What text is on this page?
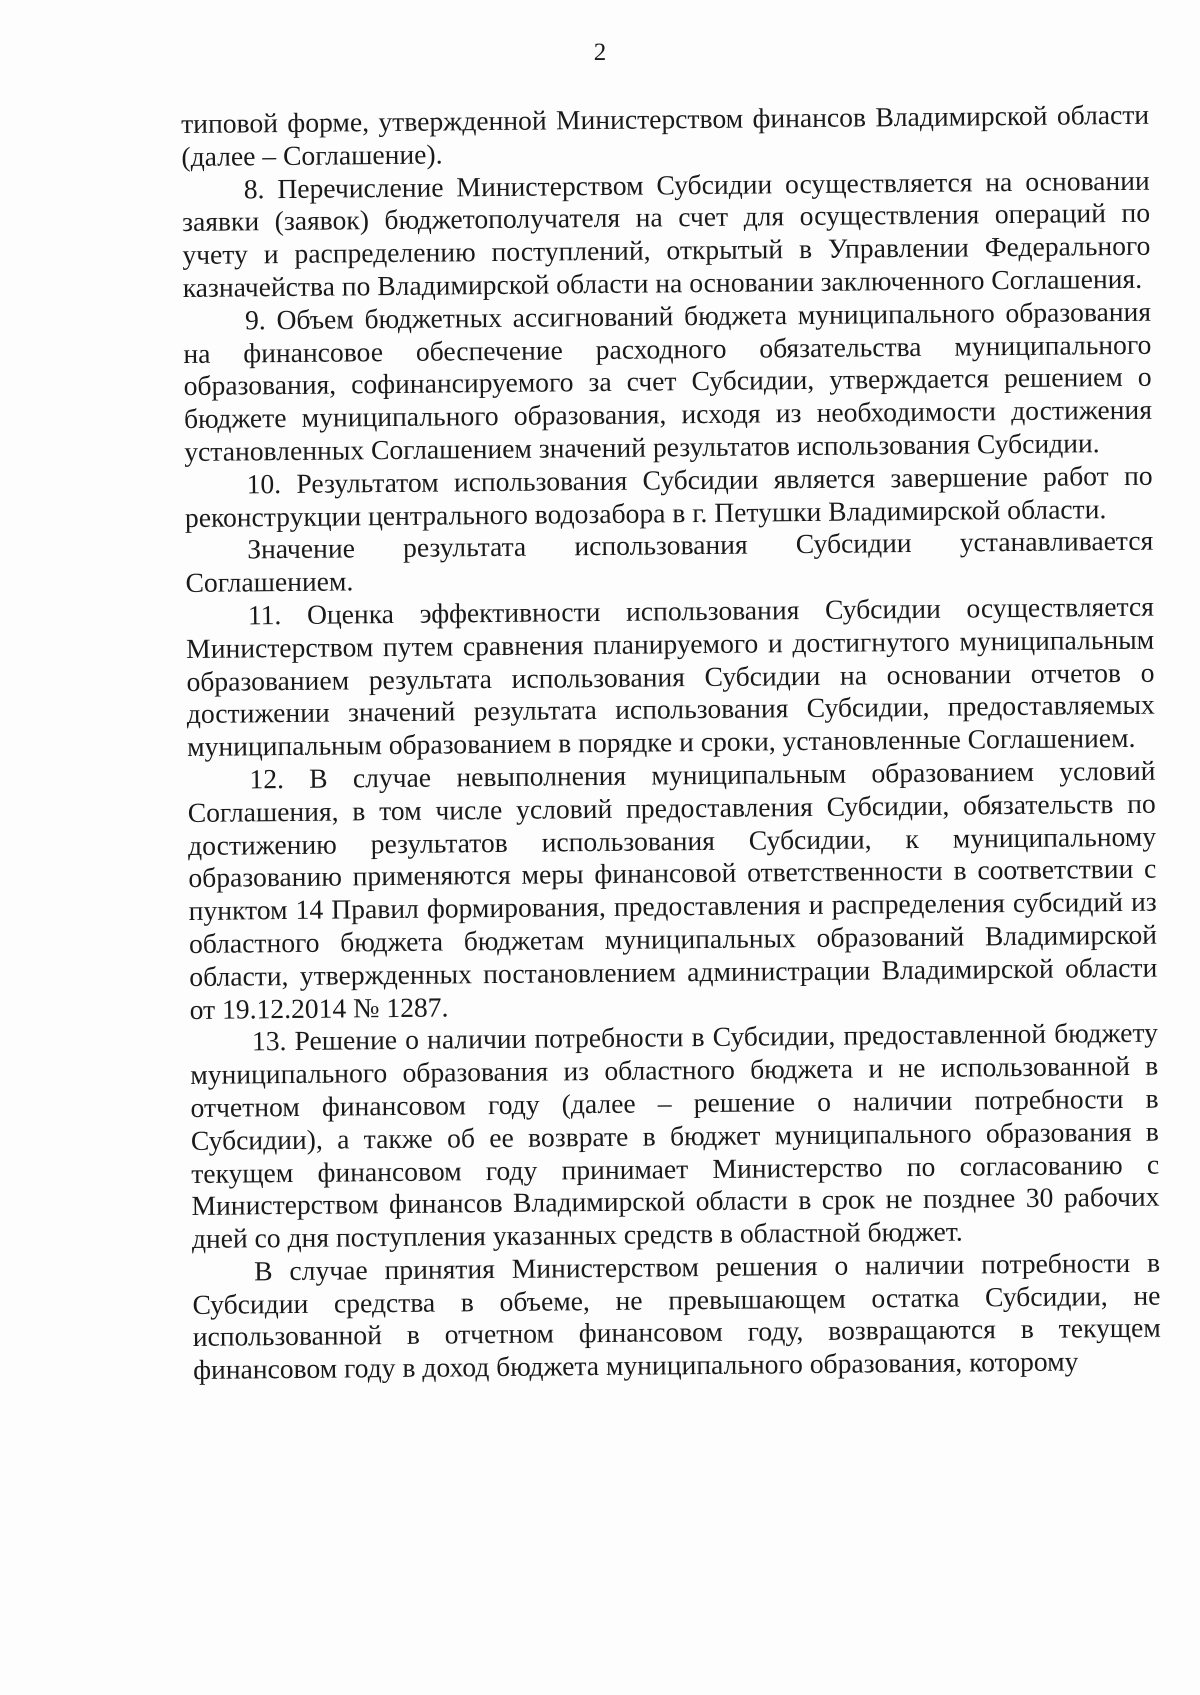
2

типовой форме, утвержденной Министерством финансов Владимирской области (далее – Соглашение).

8. Перечисление Министерством Субсидии осуществляется на основании заявки (заявок) бюджетополучателя на счет для осуществления операций по учету и распределению поступлений, открытый в Управлении Федерального казначейства по Владимирской области на основании заключенного Соглашения.

9. Объем бюджетных ассигнований бюджета муниципального образования на финансовое обеспечение расходного обязательства муниципального образования, софинансируемого за счет Субсидии, утверждается решением о бюджете муниципального образования, исходя из необходимости достижения установленных Соглашением значений результатов использования Субсидии.

10. Результатом использования Субсидии является завершение работ по реконструкции центрального водозабора в г. Петушки Владимирской области.

Значение результата использования Субсидии устанавливается Соглашением.

11. Оценка эффективности использования Субсидии осуществляется Министерством путем сравнения планируемого и достигнутого муниципальным образованием результата использования Субсидии на основании отчетов о достижении значений результата использования Субсидии, предоставляемых муниципальным образованием в порядке и сроки, установленные Соглашением.

12. В случае невыполнения муниципальным образованием условий Соглашения, в том числе условий предоставления Субсидии, обязательств по достижению результатов использования Субсидии, к муниципальному образованию применяются меры финансовой ответственности в соответствии с пунктом 14 Правил формирования, предоставления и распределения субсидий из областного бюджета бюджетам муниципальных образований Владимирской области, утвержденных постановлением администрации Владимирской области от 19.12.2014 № 1287.

13. Решение о наличии потребности в Субсидии, предоставленной бюджету муниципального образования из областного бюджета и не использованной в отчетном финансовом году (далее – решение о наличии потребности в Субсидии), а также об ее возврате в бюджет муниципального образования в текущем финансовом году принимает Министерство по согласованию с Министерством финансов Владимирской области в срок не позднее 30 рабочих дней со дня поступления указанных средств в областной бюджет.

В случае принятия Министерством решения о наличии потребности в Субсидии средства в объеме, не превышающем остатка Субсидии, не использованной в отчетном финансовом году, возвращаются в текущем финансовом году в доход бюджета муниципального образования, которому
